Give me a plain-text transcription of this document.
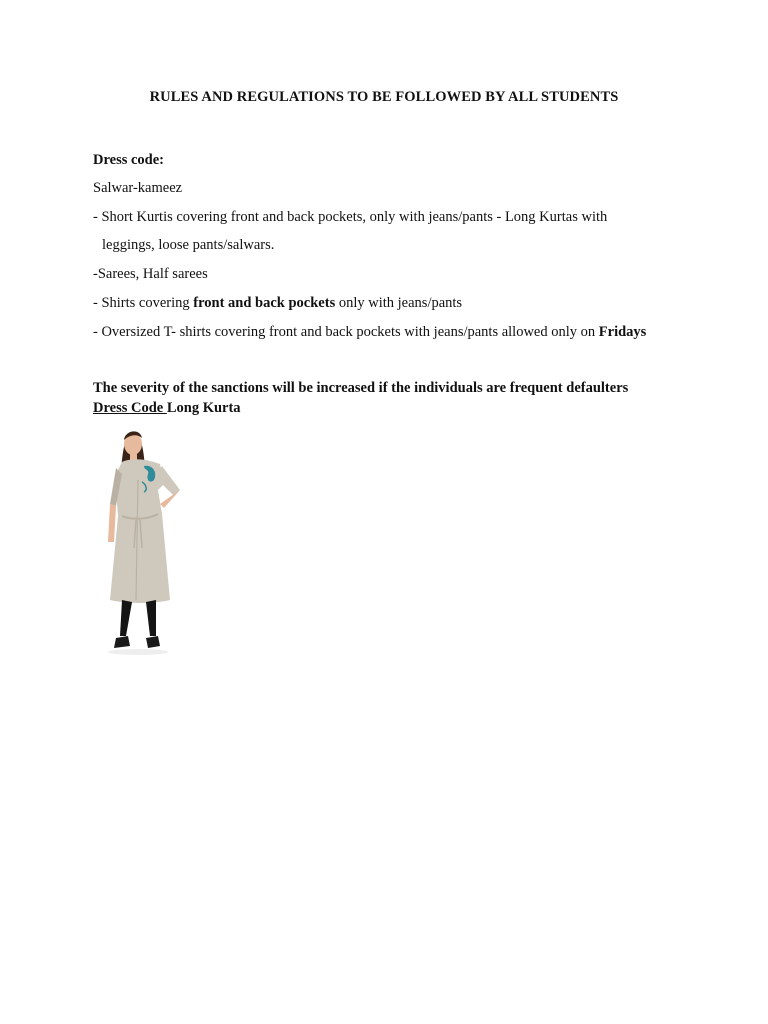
RULES AND REGULATIONS TO BE FOLLOWED BY ALL STUDENTS
Dress code:
Salwar-kameez
- Short Kurtis covering front and back pockets, only with jeans/pants - Long Kurtas with
leggings, loose pants/salwars.
-Sarees, Half sarees
- Shirts covering front and back pockets only with jeans/pants
- Oversized T- shirts covering front and back pockets with jeans/pants allowed only on Fridays
The severity of the sanctions will be increased if the individuals are frequent defaulters
Dress Code Long Kurta
